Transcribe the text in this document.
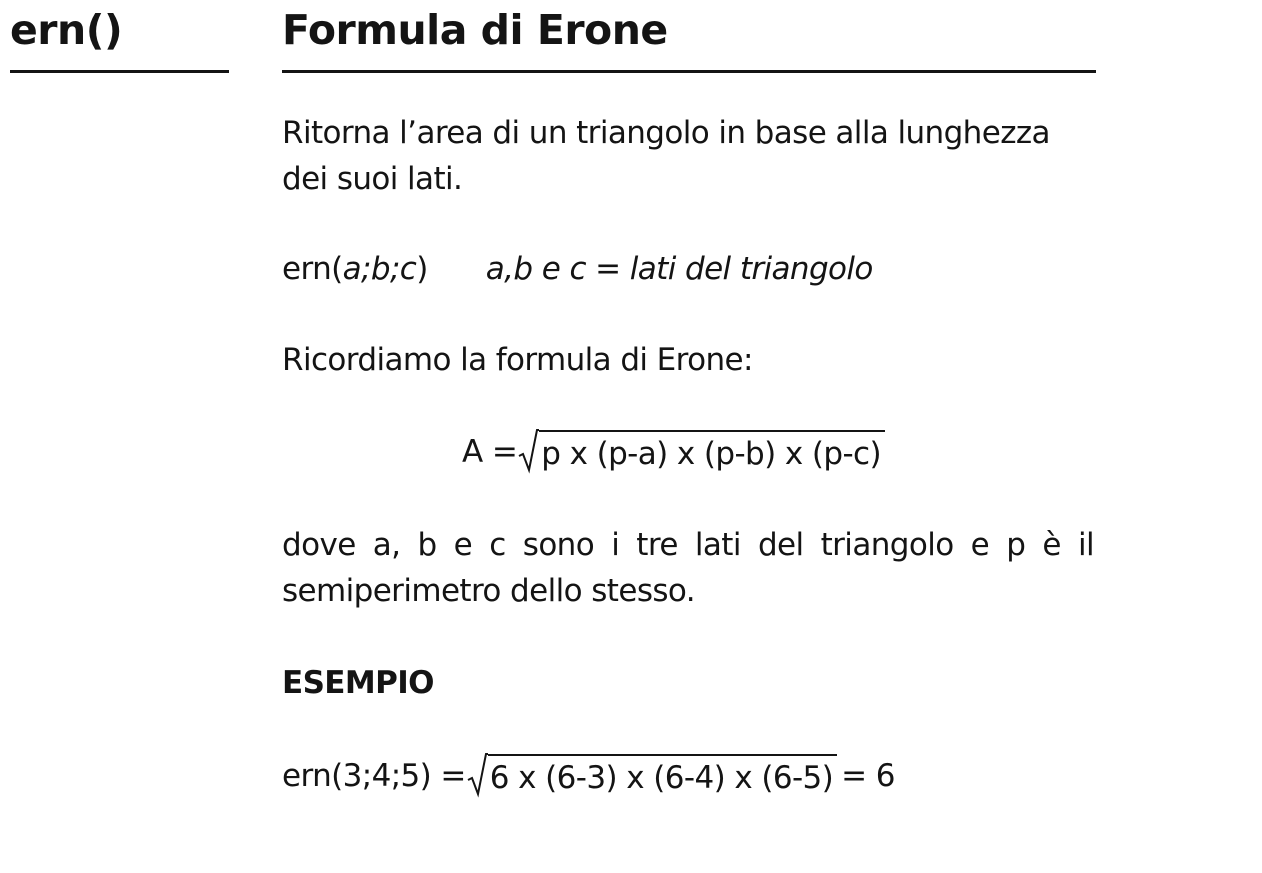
ern()	Formula di Erone
Ritorna l’area di un triangolo in base alla lunghezza dei suoi lati.
ern(a;b;c) a,b e c = lati del triangolo
Ricordiamo la formula di Erone:
A = p x (p-a) x (p-b) x (p-c)
dove a, b e c sono i tre lati del triangolo e p è il semiperimetro dello stesso.
ESEMPIO
ern(3;4;5) = 6 x (6-3) x (6-4) x (6-5) = 6
